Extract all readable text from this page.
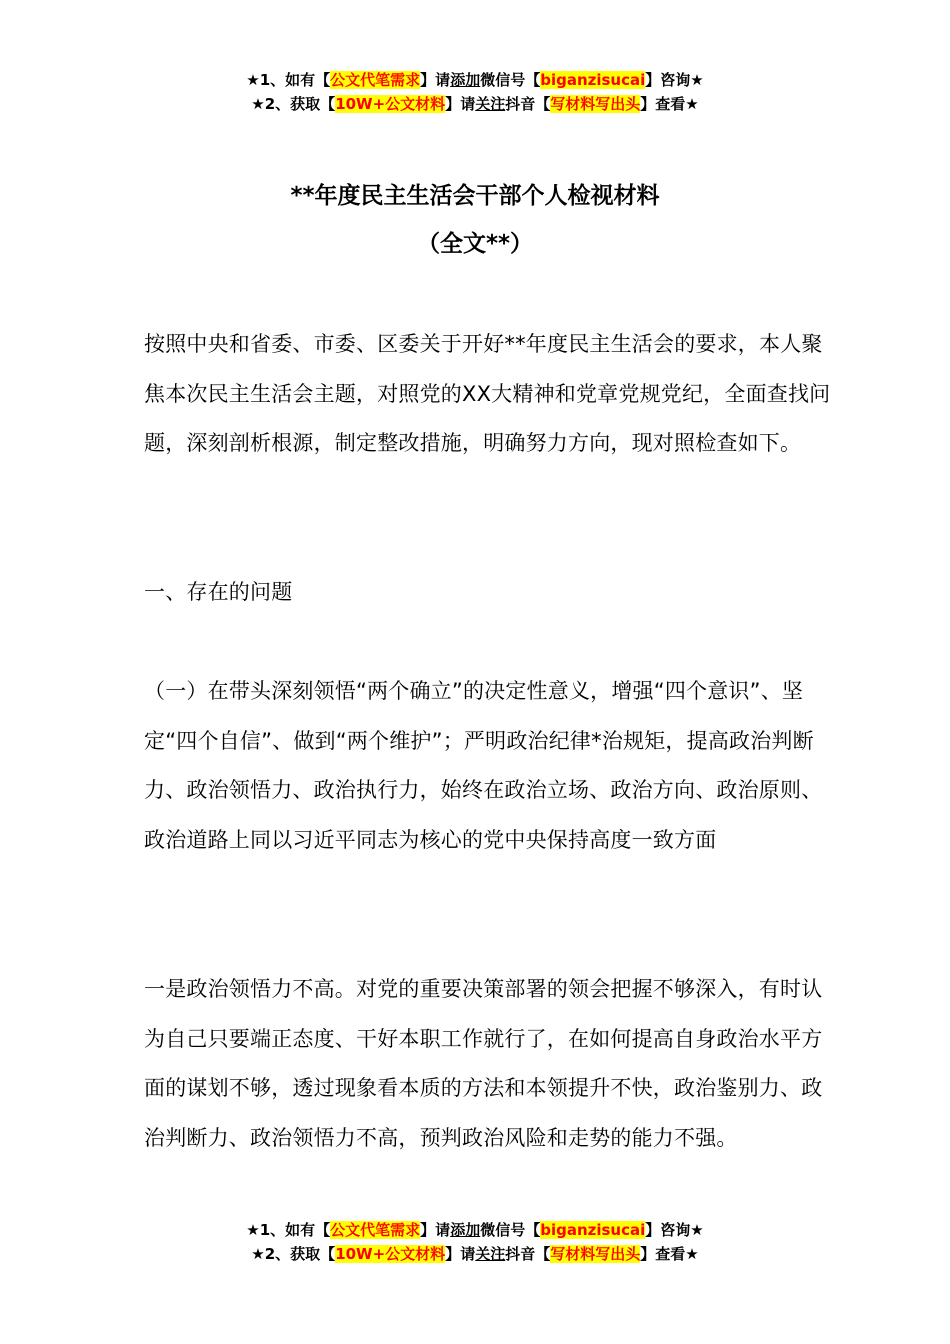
★1、如有【公文代笔需求】请添加微信号【biganzisucai】咨询★
★2、获取【10W+公文材料】请关注抖音【写材料写出头】查看★
**年度民主生活会干部个人检视材料
（全文**）
按照中央和省委、市委、区委关于开好**年度民主生活会的要求，本人聚焦本次民主生活会主题，对照党的XX大精神和党章党规党纪，全面查找问题，深刻剖析根源，制定整改措施，明确努力方向，现对照检查如下。
一、存在的问题
（一）在带头深刻领悟“两个确立”的决定性意义，增强“四个意识”、坚定“四个自信”、做到“两个维护”；严明政治纪律*治规矩，提高政治判断力、政治领悟力、政治执行力，始终在政治立场、政治方向、政治原则、政治道路上同以习近平同志为核心的党中央保持高度一致方面
一是政治领悟力不高。对党的重要决策部署的领会把握不够深入，有时认为自己只要端正态度、干好本职工作就行了，在如何提高自身政治水平方面的谋划不够，透过现象看本质的方法和本领提升不快，政治鉴别力、政治判断力、政治领悟力不高，预判政治风险和走势的能力不强。
★1、如有【公文代笔需求】请添加微信号【biganzisucai】咨询★
★2、获取【10W+公文材料】请关注抖音【写材料写出头】查看★
